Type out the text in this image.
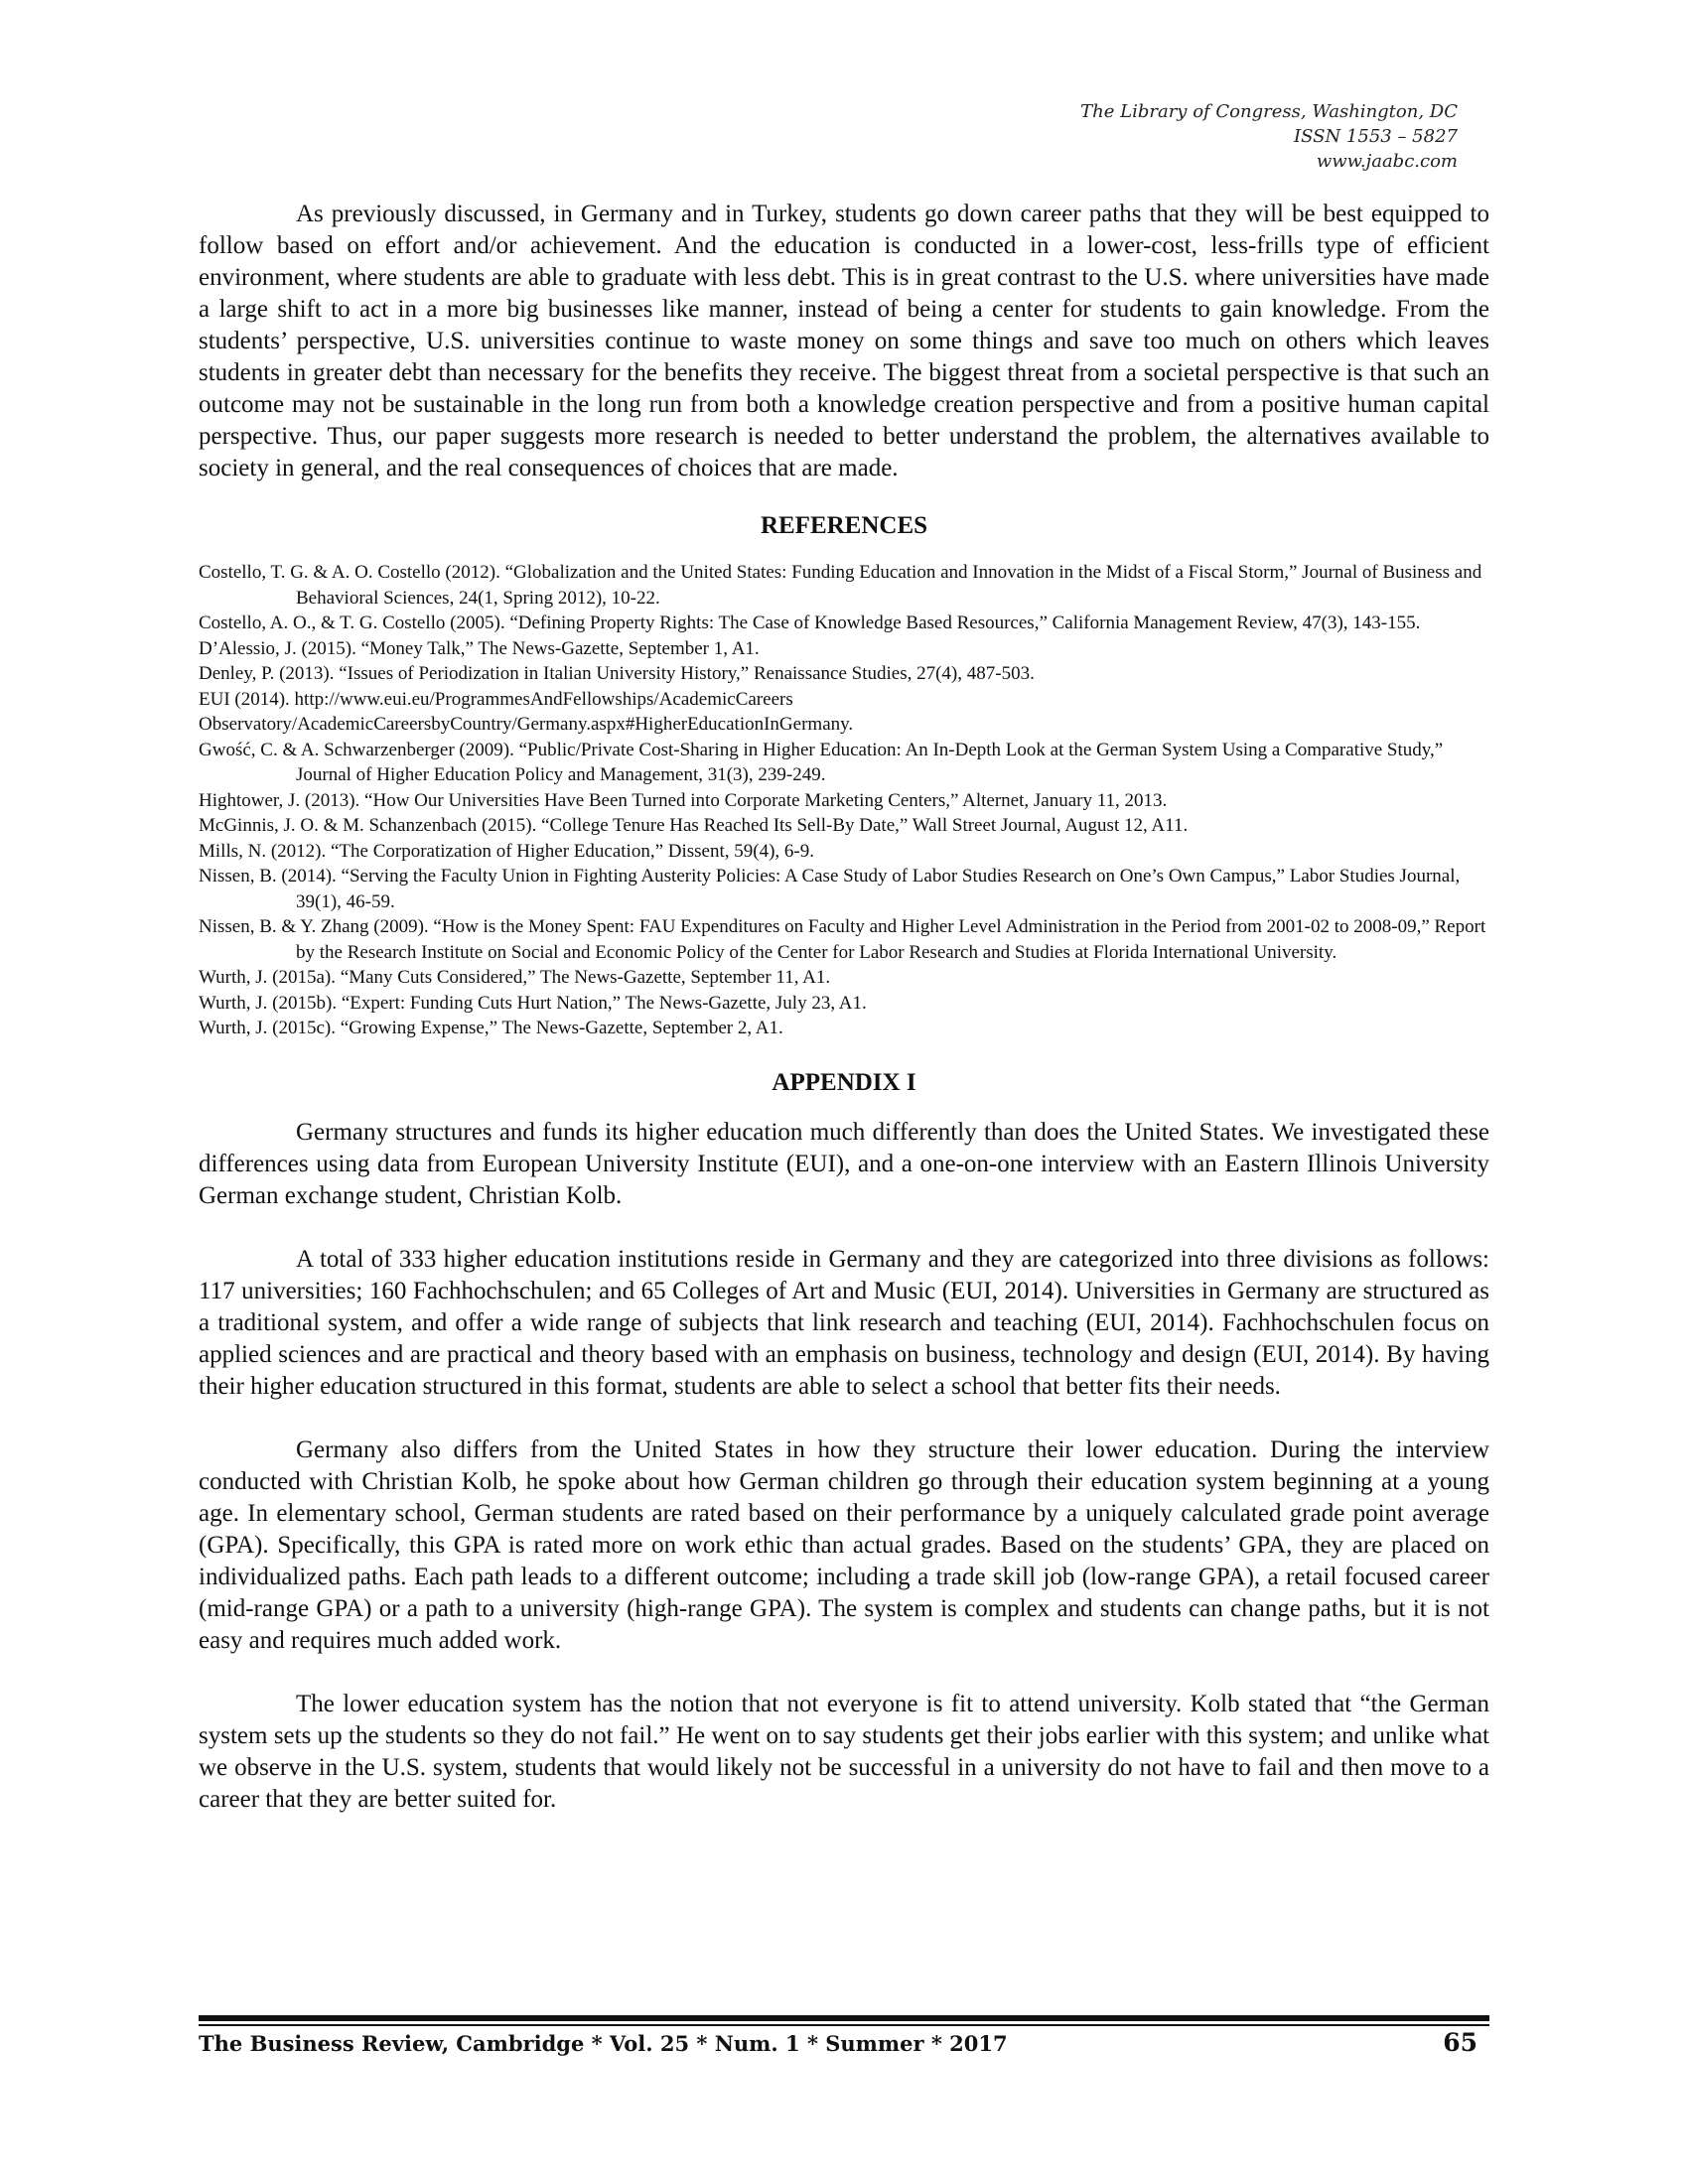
The Library of Congress, Washington, DC
ISSN 1553 – 5827
www.jaabc.com

As previously discussed, in Germany and in Turkey, students go down career paths that they will be best equipped to follow based on effort and/or achievement. And the education is conducted in a lower-cost, less-frills type of efficient environment, where students are able to graduate with less debt. This is in great contrast to the U.S. where universities have made a large shift to act in a more big businesses like manner, instead of being a center for students to gain knowledge. From the students’ perspective, U.S. universities continue to waste money on some things and save too much on others which leaves students in greater debt than necessary for the benefits they receive. The biggest threat from a societal perspective is that such an outcome may not be sustainable in the long run from both a knowledge creation perspective and from a positive human capital perspective. Thus, our paper suggests more research is needed to better understand the problem, the alternatives available to society in general, and the real consequences of choices that are made.

REFERENCES
Costello, T. G. & A. O. Costello (2012). “Globalization and the United States: Funding Education and Innovation in the Midst of a Fiscal Storm,” Journal of Business and Behavioral Sciences, 24(1, Spring 2012), 10-22.
Costello, A. O., & T. G. Costello (2005). “Defining Property Rights: The Case of Knowledge Based Resources,” California Management Review, 47(3), 143-155.
D’Alessio, J. (2015). “Money Talk,” The News-Gazette, September 1, A1.
Denley, P. (2013). “Issues of Periodization in Italian University History,” Renaissance Studies, 27(4), 487-503.
EUI (2014). http://www.eui.eu/ProgrammesAndFellowships/AcademicCareers
Observatory/AcademicCareersbyCountry/Germany.aspx#HigherEducationInGermany.
Gwość, C. & A. Schwarzenberger (2009). “Public/Private Cost-Sharing in Higher Education: An In-Depth Look at the German System Using a Comparative Study,” Journal of Higher Education Policy and Management, 31(3), 239-249.
Hightower, J. (2013). “How Our Universities Have Been Turned into Corporate Marketing Centers,” Alternet, January 11, 2013.
McGinnis, J. O. & M. Schanzenbach (2015). “College Tenure Has Reached Its Sell-By Date,” Wall Street Journal, August 12, A11.
Mills, N. (2012). “The Corporatization of Higher Education,” Dissent, 59(4), 6-9.
Nissen, B. (2014). “Serving the Faculty Union in Fighting Austerity Policies: A Case Study of Labor Studies Research on One’s Own Campus,” Labor Studies Journal, 39(1), 46-59.
Nissen, B. & Y. Zhang (2009). “How is the Money Spent: FAU Expenditures on Faculty and Higher Level Administration in the Period from 2001-02 to 2008-09,” Report by the Research Institute on Social and Economic Policy of the Center for Labor Research and Studies at Florida International University.
Wurth, J. (2015a). “Many Cuts Considered,” The News-Gazette, September 11, A1.
Wurth, J. (2015b). “Expert: Funding Cuts Hurt Nation,” The News-Gazette, July 23, A1.
Wurth, J. (2015c). “Growing Expense,” The News-Gazette, September 2, A1.
APPENDIX I

Germany structures and funds its higher education much differently than does the United States. We investigated these differences using data from European University Institute (EUI), and a one-on-one interview with an Eastern Illinois University German exchange student, Christian Kolb.

A total of 333 higher education institutions reside in Germany and they are categorized into three divisions as follows: 117 universities; 160 Fachhochschulen; and 65 Colleges of Art and Music (EUI, 2014). Universities in Germany are structured as a traditional system, and offer a wide range of subjects that link research and teaching (EUI, 2014). Fachhochschulen focus on applied sciences and are practical and theory based with an emphasis on business, technology and design (EUI, 2014). By having their higher education structured in this format, students are able to select a school that better fits their needs.

Germany also differs from the United States in how they structure their lower education. During the interview conducted with Christian Kolb, he spoke about how German children go through their education system beginning at a young age. In elementary school, German students are rated based on their performance by a uniquely calculated grade point average (GPA). Specifically, this GPA is rated more on work ethic than actual grades. Based on the students’ GPA, they are placed on individualized paths. Each path leads to a different outcome; including a trade skill job (low-range GPA), a retail focused career (mid-range GPA) or a path to a university (high-range GPA). The system is complex and students can change paths, but it is not easy and requires much added work.

The lower education system has the notion that not everyone is fit to attend university. Kolb stated that “the German system sets up the students so they do not fail.” He went on to say students get their jobs earlier with this system; and unlike what we observe in the U.S. system, students that would likely not be successful in a university do not have to fail and then move to a career that they are better suited for.

The Business Review, Cambridge * Vol. 25 * Num. 1 * Summer * 2017	65
